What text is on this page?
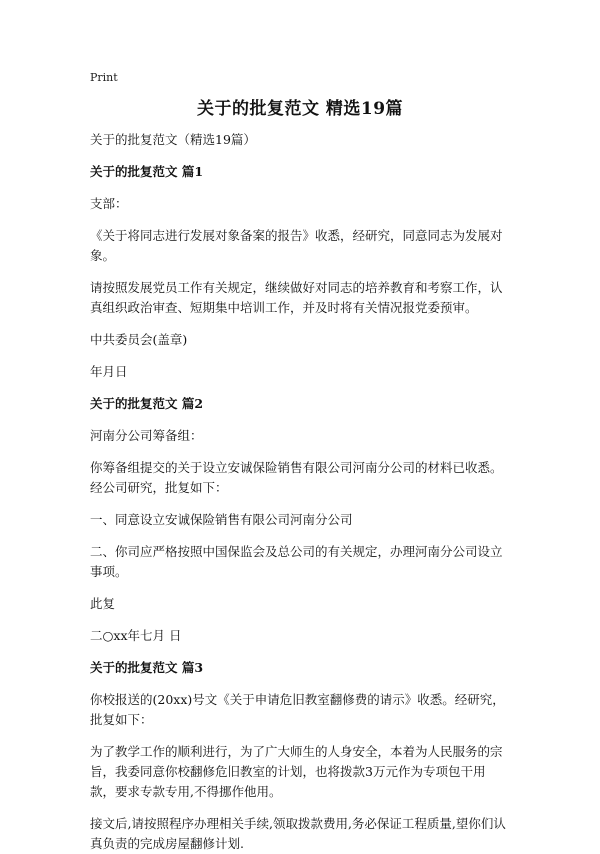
Print
关于的批复范文 精选19篇
关于的批复范文（精选19篇）
关于的批复范文 篇1
支部：
《关于将同志进行发展对象备案的报告》收悉，经研究，同意同志为发展对象。
请按照发展党员工作有关规定，继续做好对同志的培养教育和考察工作，认真组织政治审查、短期集中培训工作，并及时将有关情况报党委预审。
中共委员会(盖章)
年月日
关于的批复范文 篇2
河南分公司筹备组：
你筹备组提交的关于设立安诚保险销售有限公司河南分公司的材料已收悉。经公司研究，批复如下：
一、同意设立安诚保险销售有限公司河南分公司
二、你司应严格按照中国保监会及总公司的有关规定，办理河南分公司设立事项。
此复
二○xx年七月 日
关于的批复范文 篇3
你校报送的(20xx)号文《关于申请危旧教室翻修费的请示》收悉。经研究，批复如下：
为了教学工作的顺利进行，为了广大师生的人身安全，本着为人民服务的宗旨，我委同意你校翻修危旧教室的计划，也将拨款3万元作为专项包干用款，要求专款专用,不得挪作他用。
接文后,请按照程序办理相关手续,领取拨款费用,务必保证工程质量,望你们认真负责的完成房屋翻修计划.
